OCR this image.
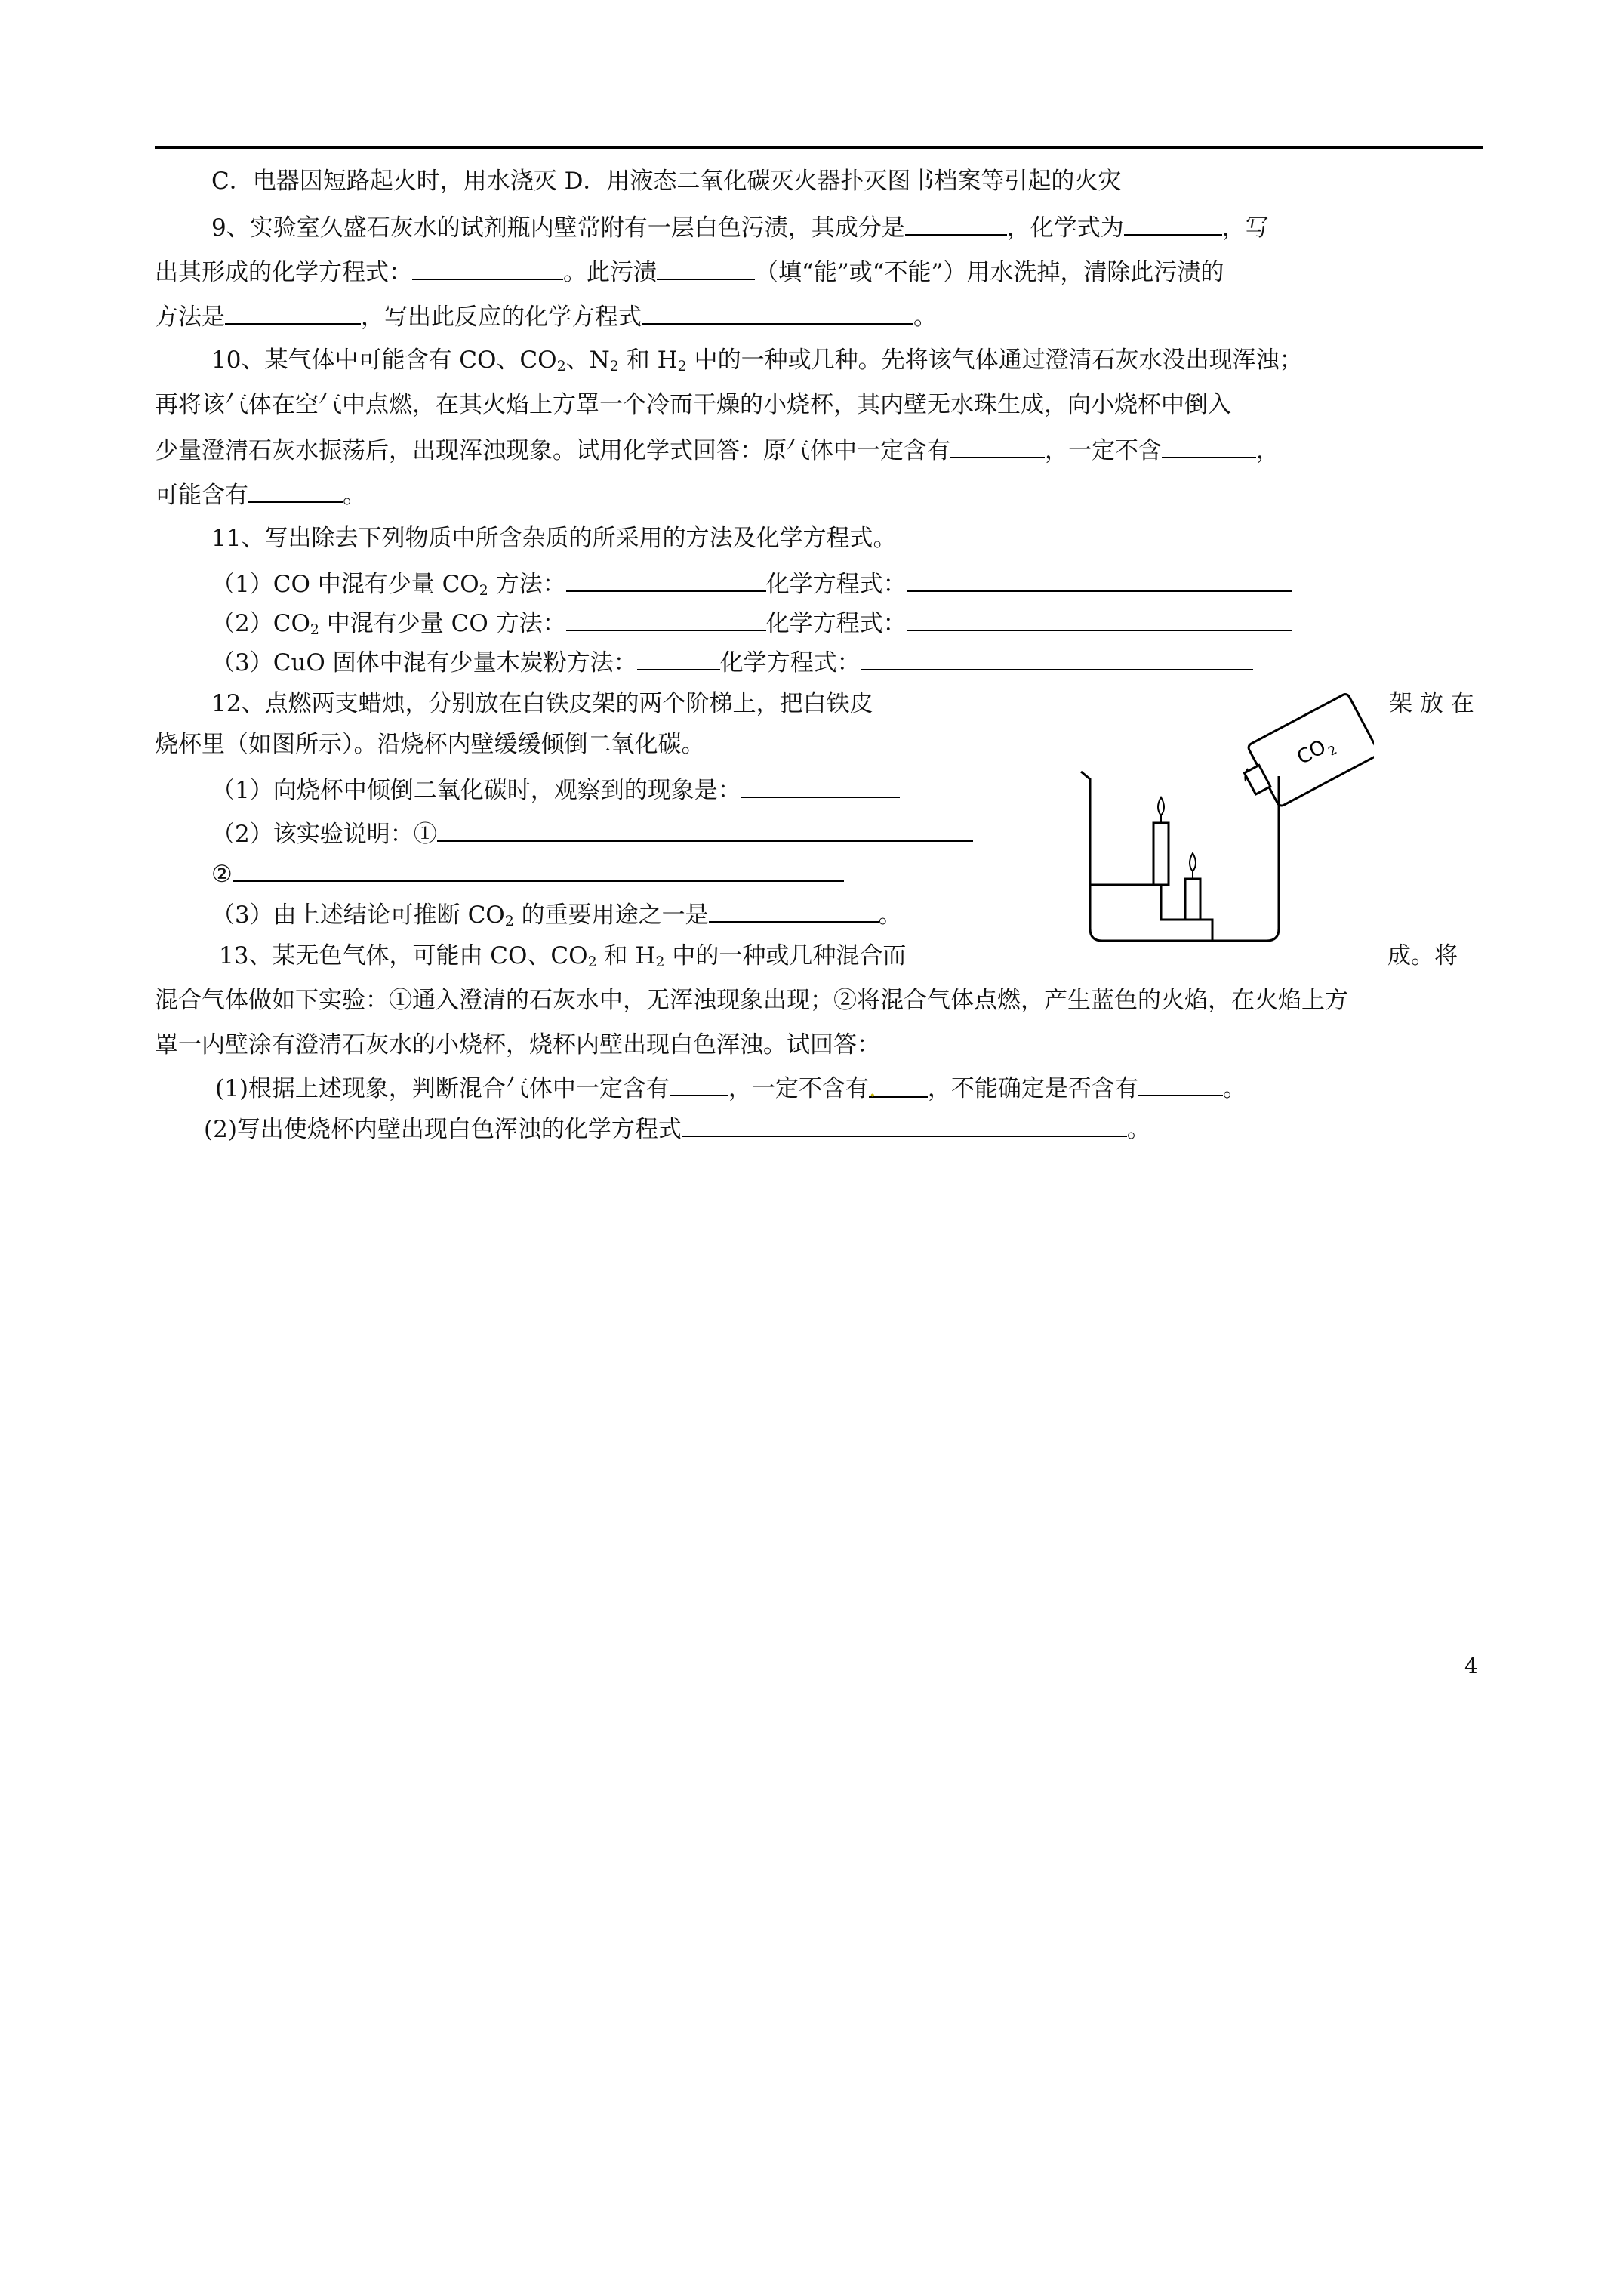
C．电器因短路起火时，用水浇灭 D．用液态二氧化碳灭火器扑灭图书档案等引起的火灾
9、实验室久盛石灰水的试剂瓶内壁常附有一层白色污渍，其成分是	，化学式为	，写
出其形成的化学方程式：	。此污渍	（填“能”或“不能”）用水洗掉，清除此污渍的
方法是	，写出此反应的化学方程式	。
10、某气体中可能含有 CO、$CO_2$、$N_2$ 和 $H_2$ 中的一种或几种。先将该气体通过澄清石灰水没出现浑浊；
再将该气体在空气中点燃，在其火焰上方罩一个冷而干燥的小烧杯，其内壁无水珠生成，向小烧杯中倒入
少量澄清石灰水振荡后，出现浑浊现象。试用化学式回答：原气体中一定含有	，一定不含	，
可能含有	。
11、写出除去下列物质中所含杂质的所采用的方法及化学方程式。
（1）CO 中混有少量 $CO_2$ 方法：	化学方程式：
$(2)CO_2$ 中混有少量 CO 方法：	化学方程式：
（3）CuO 固体中混有少量木炭粉方法：	化学方程式：
12、点燃两支蜡烛，分别放在白铁皮架的两个阶梯上，把白铁皮	架 放 在
烧杯里（如图所示）。沿烧杯内壁缓缓倾倒二氧化碳。
（1）向烧杯中倾倒二氧化碳时，观察到的现象是：
（2）该实验说明：①
②
（3）由上述结论可推断 $CO_2$ 的重要用途之一是	。
13、某无色气体，可能由 CO、$CO_2$ 和 $H_2$ 中的一种或几种混合而	成。将
混合气体做如下实验：①通入澄清的石灰水中，无浑浊现象出现；②将混合气体点燃，产生蓝色的火焰，在火焰上方
罩一内壁涂有澄清石灰水的小烧杯，烧杯内壁出现白色浑浊。试回答：
(1)根据上述现象，判断混合气体中一定含有	，一定不含有. ，不能确定是否含有	。
(2)写出使烧杯内壁出现白色浑浊的化学方程式	。
CO
2
4
